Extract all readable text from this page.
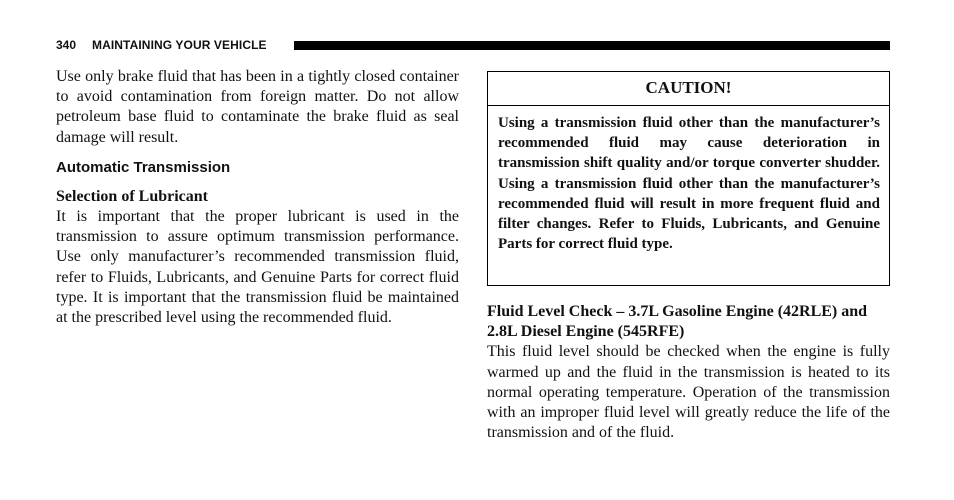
340 MAINTAINING YOUR VEHICLE

Use only brake fluid that has been in a tightly closed container to avoid contamination from foreign matter. Do not allow petroleum base fluid to contaminate the brake fluid as seal damage will result.

Automatic Transmission

Selection of Lubricant

It is important that the proper lubricant is used in the transmission to assure optimum transmission performance. Use only manufacturer’s recommended transmission fluid, refer to Fluids, Lubricants, and Genuine Parts for correct fluid type. It is important that the transmission fluid be maintained at the prescribed level using the recommended fluid.

CAUTION!
Using a transmission fluid other than the manufacturer’s recommended fluid may cause deterioration in transmission shift quality and/or torque converter shudder. Using a transmission fluid other than the manufacturer’s recommended fluid will result in more frequent fluid and filter changes. Refer to Fluids, Lubricants, and Genuine Parts for correct fluid type.

Fluid Level Check – 3.7L Gasoline Engine (42RLE) and 2.8L Diesel Engine (545RFE)

This fluid level should be checked when the engine is fully warmed up and the fluid in the transmission is heated to its normal operating temperature. Operation of the transmission with an improper fluid level will greatly reduce the life of the transmission and of the fluid.
